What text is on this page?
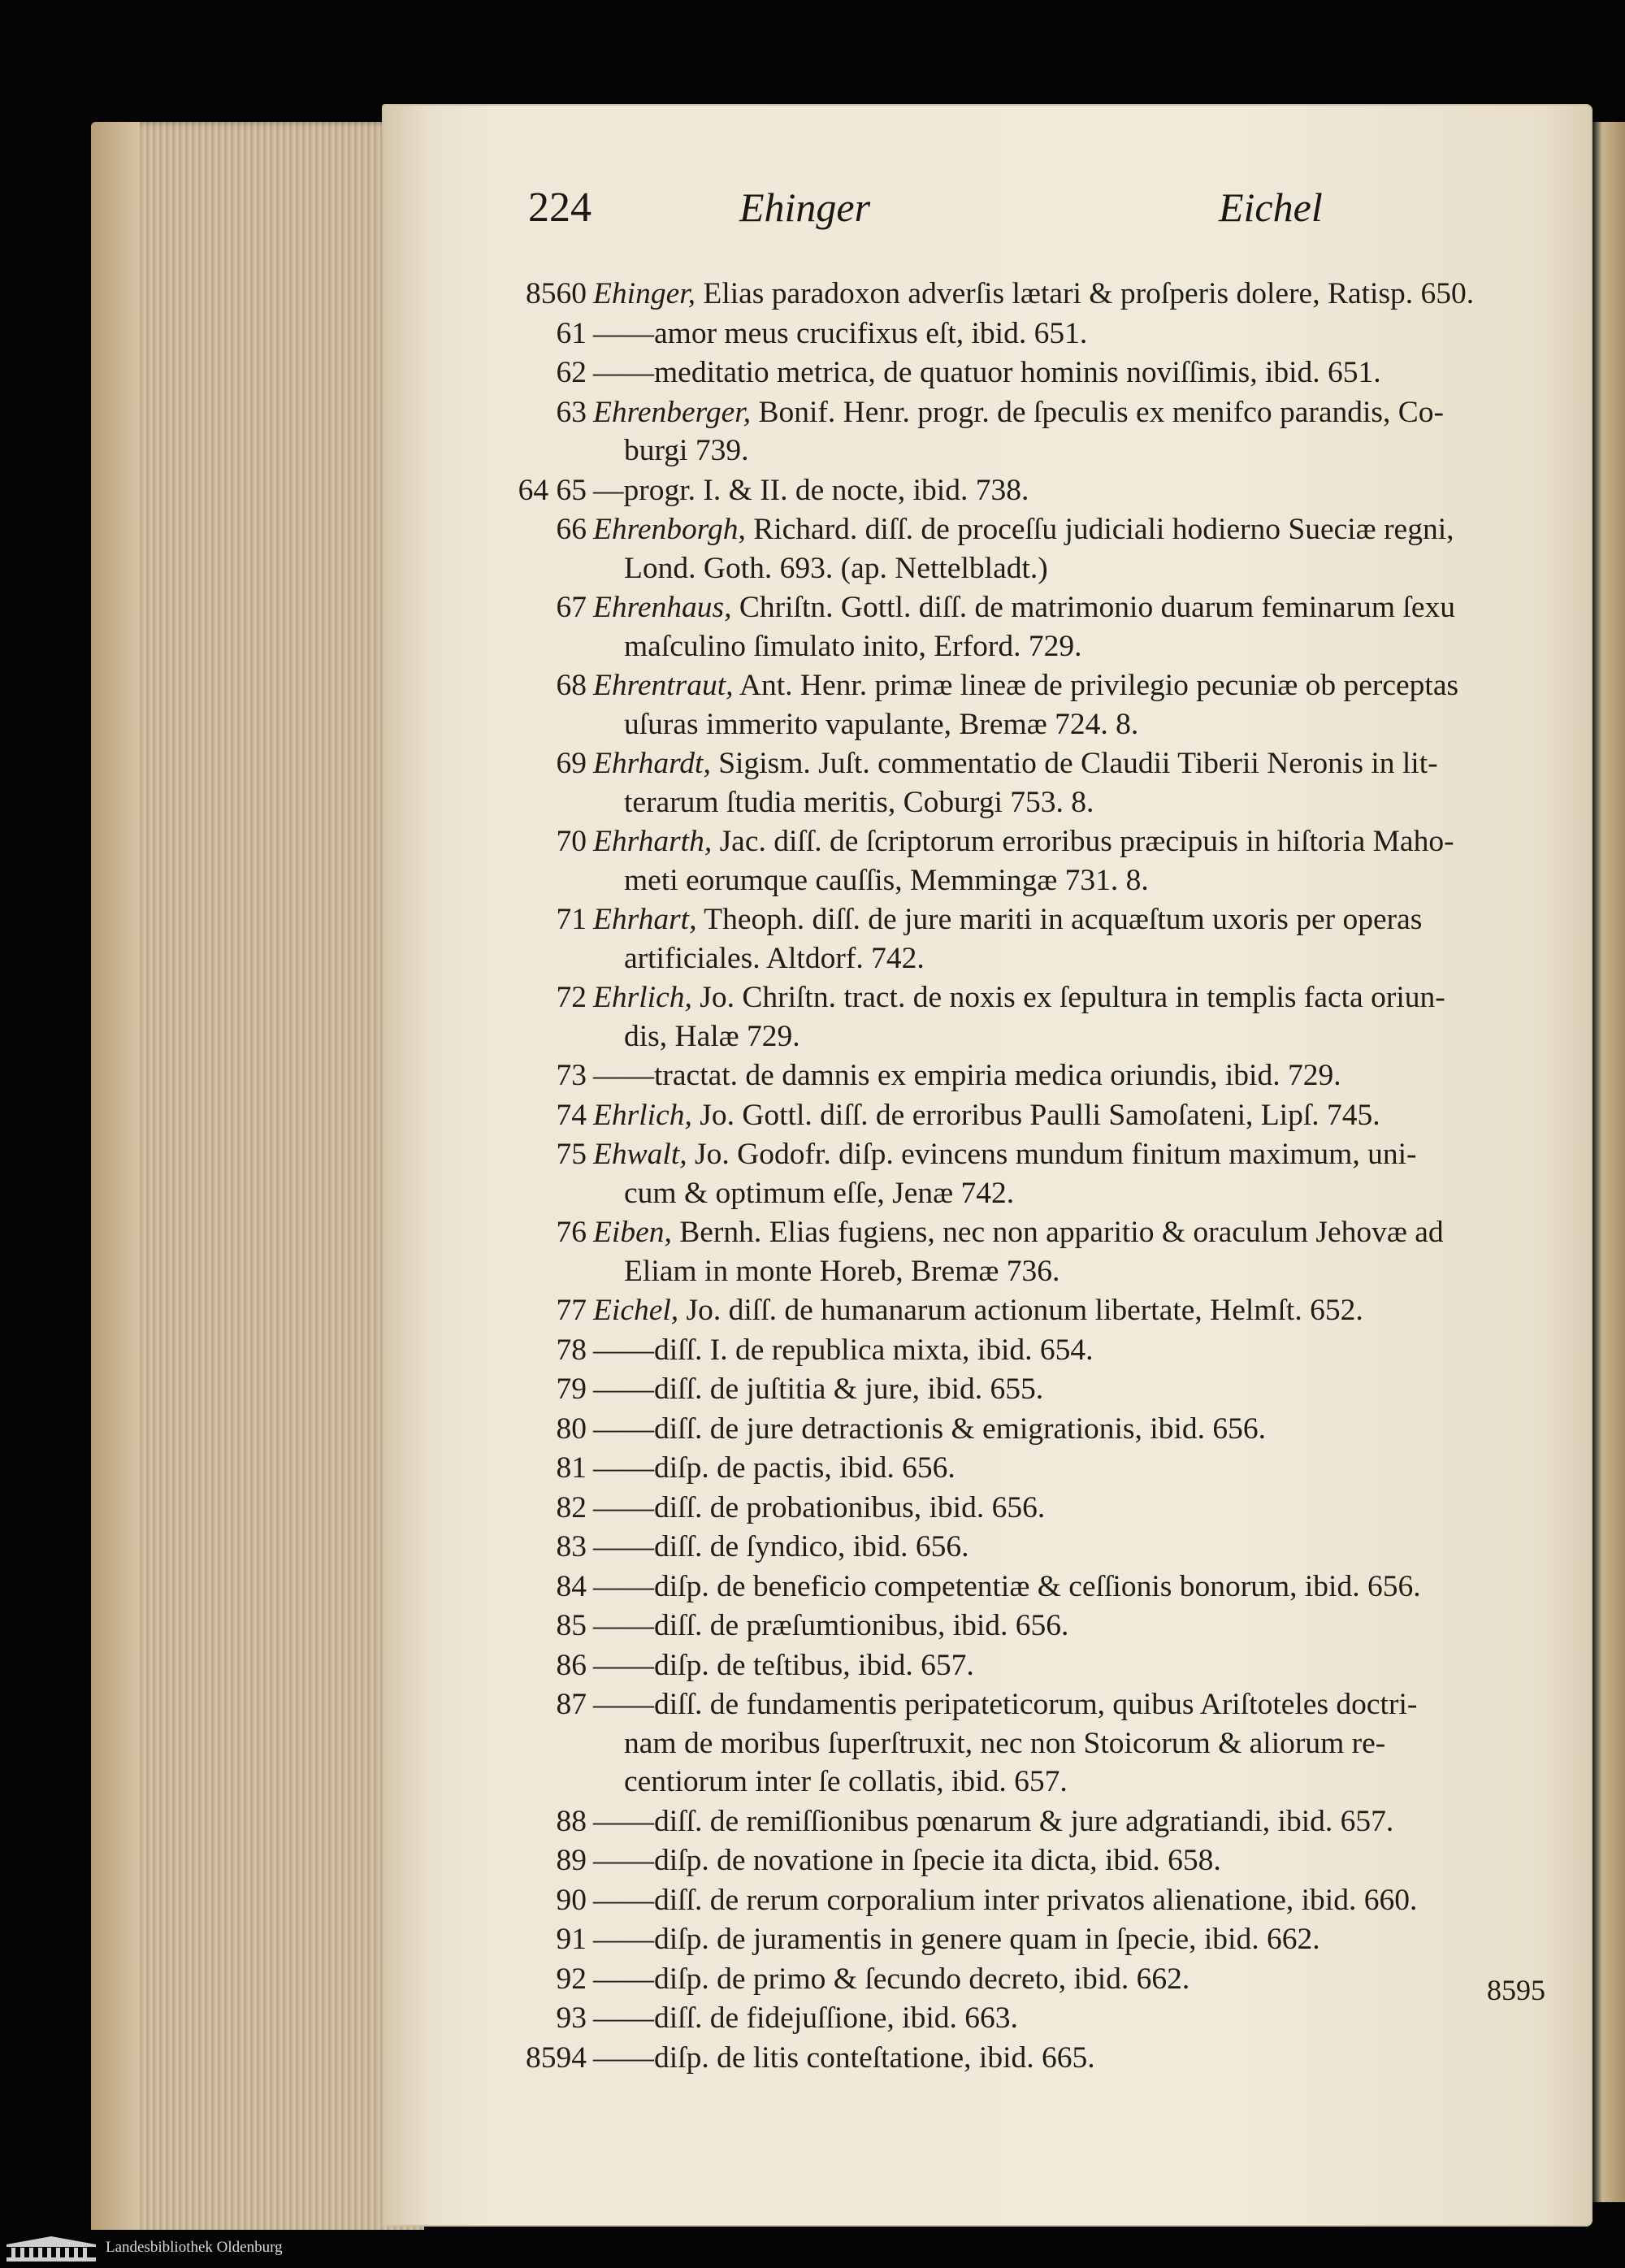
224	Ehinger	Eichel
8560 Ehinger, Elias paradoxon adverſis lætari & proſperis dolere, Ratisp. 650.
61 ——amor meus crucifixus eſt, ibid. 651.
62 ——meditatio metrica, de quatuor hominis noviſſimis, ibid. 651.
63 Ehrenberger, Bonif. Henr. progr. de ſpeculis ex menifco parandis, Co-
burgi 739.
64 65 —progr. I. & II. de nocte, ibid. 738.
66 Ehrenborgh, Richard. diſſ. de proceſſu judiciali hodierno Sueciæ regni,
Lond. Goth. 693. (ap. Nettelbladt.)
67 Ehrenhaus, Chriſtn. Gottl. diſſ. de matrimonio duarum feminarum ſexu
maſculino ſimulato inito, Erford. 729.
68 Ehrentraut, Ant. Henr. primæ lineæ de privilegio pecuniæ ob perceptas
uſuras immerito vapulante, Bremæ 724. 8.
69 Ehrhardt, Sigism. Juſt. commentatio de Claudii Tiberii Neronis in lit-
terarum ſtudia meritis, Coburgi 753. 8.
70 Ehrharth, Jac. diſſ. de ſcriptorum erroribus præcipuis in hiſtoria Maho-
meti eorumque cauſſis, Memmingæ 731. 8.
71 Ehrhart, Theoph. diſſ. de jure mariti in acquæſtum uxoris per operas
artificiales. Altdorf. 742.
72 Ehrlich, Jo. Chriſtn. tract. de noxis ex ſepultura in templis facta oriun-
dis, Halæ 729.
73 ——tractat. de damnis ex empiria medica oriundis, ibid. 729.
74 Ehrlich, Jo. Gottl. diſſ. de erroribus Paulli Samoſateni, Lipſ. 745.
75 Ehwalt, Jo. Godofr. diſp. evincens mundum finitum maximum, uni-
cum & optimum eſſe, Jenæ 742.
76 Eiben, Bernh. Elias fugiens, nec non apparitio & oraculum Jehovæ ad
Eliam in monte Horeb, Bremæ 736.
77 Eichel, Jo. diſſ. de humanarum actionum libertate, Helmſt. 652.
78 ——diſſ. I. de republica mixta, ibid. 654.
79 ——diſſ. de juſtitia & jure, ibid. 655.
80 ——diſſ. de jure detractionis & emigrationis, ibid. 656.
81 ——diſp. de pactis, ibid. 656.
82 ——diſſ. de probationibus, ibid. 656.
83 ——diſſ. de ſyndico, ibid. 656.
84 ——diſp. de beneficio competentiæ & ceſſionis bonorum, ibid. 656.
85 ——diſſ. de præſumtionibus, ibid. 656.
86 ——diſp. de teſtibus, ibid. 657.
87 ——diſſ. de fundamentis peripateticorum, quibus Ariſtoteles doctri-
nam de moribus ſuperſtruxit, nec non Stoicorum & aliorum re-
centiorum inter ſe collatis, ibid. 657.
88 ——diſſ. de remiſſionibus pœnarum & jure adgratiandi, ibid. 657.
89 ——diſp. de novatione in ſpecie ita dicta, ibid. 658.
90 ——diſſ. de rerum corporalium inter privatos alienatione, ibid. 660.
91 ——diſp. de juramentis in genere quam in ſpecie, ibid. 662.
92 ——diſp. de primo & ſecundo decreto, ibid. 662.
93 ——diſſ. de fidejuſſione, ibid. 663.
8594 ——diſp. de litis conteſtatione, ibid. 665.
8595
Landesbibliothek Oldenburg
